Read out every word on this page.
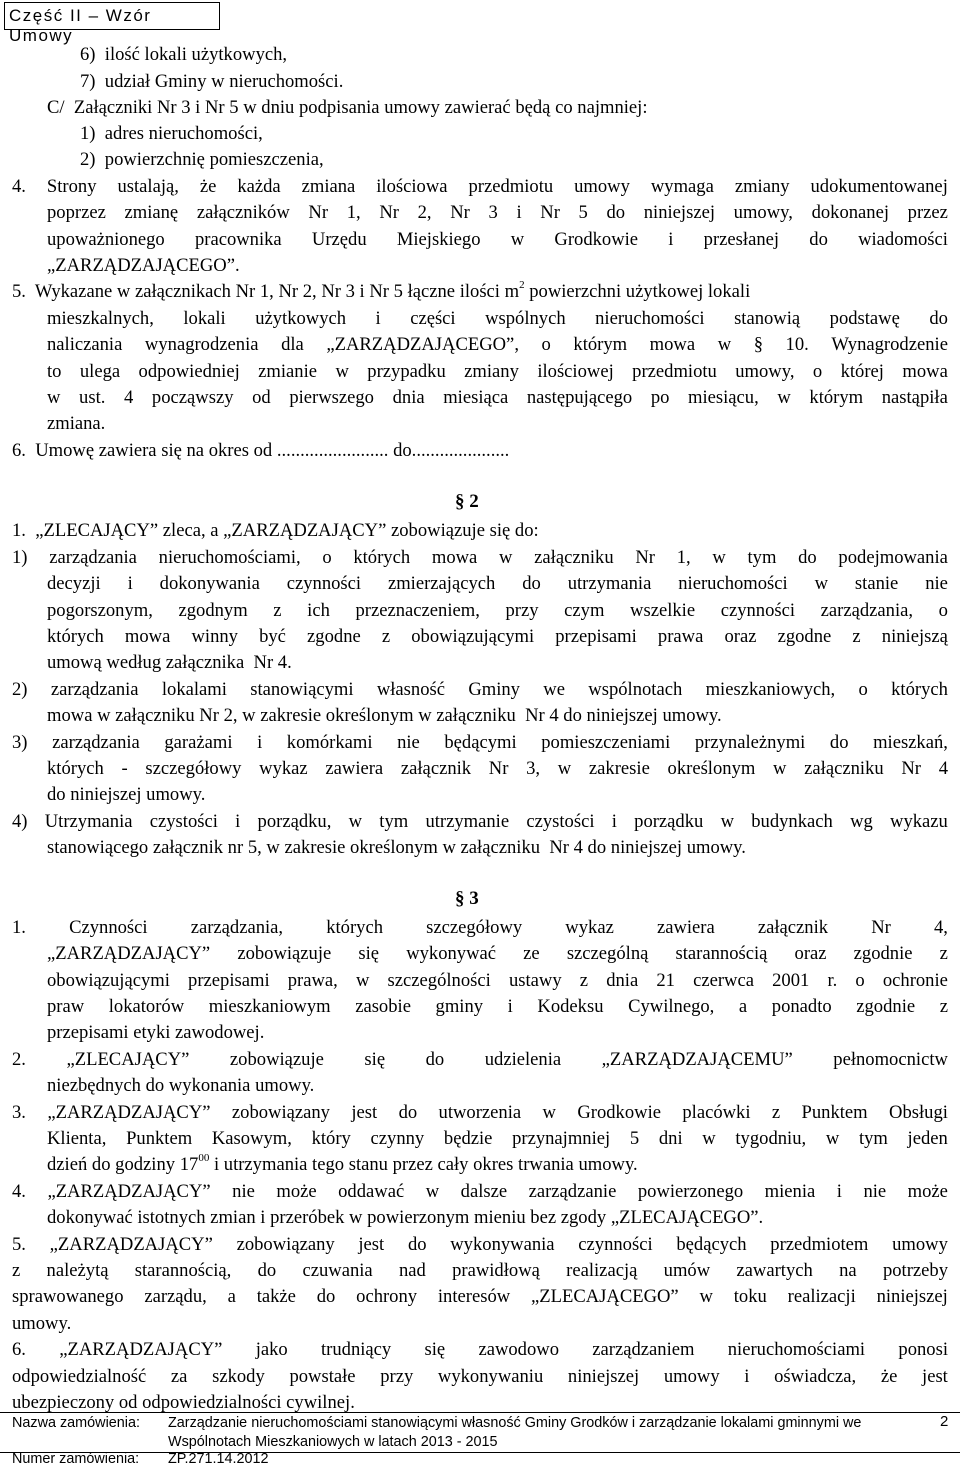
Część II – Wzór Umowy
6)  ilość lokali użytkowych,
7)  udział Gminy w nieruchomości.
C/  Załączniki Nr 3 i Nr 5 w dniu podpisania umowy zawierać będą co najmniej:
1)  adres nieruchomości,
2)  powierzchnię pomieszczenia,
4. Strony ustalają, że każda zmiana ilościowa przedmiotu umowy wymaga zmiany udokumentowanej
poprzez zmianę załączników Nr 1, Nr 2, Nr 3 i Nr 5 do niniejszej umowy, dokonanej przez
upoważnionego pracownika Urzędu Miejskiego w Grodkowie i przesłanej do wiadomości
„ZARZĄDZAJĄCEGO”.
5.  Wykazane w załącznikach Nr 1, Nr 2, Nr 3 i Nr 5 łączne ilości $m^2$ powierzchni użytkowej lokali
mieszkalnych, lokali użytkowych i części wspólnych nieruchomości stanowią podstawę do
naliczania wynagrodzenia dla „ZARZĄDZAJĄCEGO”, o którym mowa w § 10. Wynagrodzenie
to ulega odpowiedniej zmianie w przypadku zmiany ilościowej przedmiotu umowy, o której mowa
w ust. 4 począwszy od pierwszego dnia miesiąca następującego po miesiącu, w którym nastąpiła
zmiana.
6.  Umowę zawiera się na okres od ........................ do.....................
§ 2
1.  „ZLECAJĄCY” zleca, a „ZARZĄDZAJĄCY” zobowiązuje się do:
1) zarządzania nieruchomościami, o których mowa w załączniku Nr 1, w tym do podejmowania
decyzji i dokonywania czynności zmierzających do utrzymania nieruchomości w stanie nie
pogorszonym, zgodnym z ich przeznaczeniem, przy czym wszelkie czynności zarządzania, o
których mowa winny być zgodne z obowiązującymi przepisami prawa oraz zgodne z niniejszą
umową według załącznika  Nr 4.
2) zarządzania lokalami stanowiącymi własność Gminy we wspólnotach mieszkaniowych, o których
mowa w załączniku Nr 2, w zakresie określonym w załączniku  Nr 4 do niniejszej umowy.
3) zarządzania garażami i komórkami nie będącymi pomieszczeniami przynależnymi do mieszkań,
których - szczegółowy wykaz zawiera załącznik Nr 3, w zakresie określonym w załączniku Nr 4
do niniejszej umowy.
4) Utrzymania czystości i porządku, w tym utrzymanie czystości i porządku w budynkach wg wykazu
stanowiącego załącznik nr 5, w zakresie określonym w załączniku  Nr 4 do niniejszej umowy.
§ 3
1. Czynności zarządzania, których szczegółowy wykaz zawiera załącznik Nr 4,
„ZARZĄDZAJĄCY” zobowiązuje się wykonywać ze szczególną starannością oraz zgodnie z
obowiązującymi przepisami prawa, w szczególności ustawy z dnia 21 czerwca 2001 r. o ochronie
praw lokatorów mieszkaniowym zasobie gminy i Kodeksu Cywilnego, a ponadto zgodnie z
przepisami etyki zawodowej.
2. „ZLECAJĄCY” zobowiązuje się do udzielenia „ZARZĄDZAJĄCEMU” pełnomocnictw
niezbędnych do wykonania umowy.
3. „ZARZĄDZAJĄCY” zobowiązany jest do utworzenia w Grodkowie placówki z Punktem Obsługi
Klienta, Punktem Kasowym, który czynny będzie przynajmniej 5 dni w tygodniu, w tym jeden
dzień do godziny $17^{00}$ i utrzymania tego stanu przez cały okres trwania umowy.
4. „ZARZĄDZAJĄCY” nie może oddawać w dalsze zarządzanie powierzonego mienia i nie może
dokonywać istotnych zmian i przeróbek w powierzonym mieniu bez zgody „ZLECAJĄCEGO”.
5. „ZARZĄDZAJĄCY” zobowiązany jest do wykonywania czynności będących przedmiotem umowy
z należytą starannością, do czuwania nad prawidłową realizacją umów zawartych na potrzeby
sprawowanego zarządu, a także do ochrony interesów „ZLECAJĄCEGO” w toku realizacji niniejszej
umowy.
6. „ZARZĄDZAJĄCY” jako trudniący się zawodowo zarządzaniem nieruchomościami ponosi
odpowiedzialność za szkody powstałe przy wykonywaniu niniejszej umowy i oświadcza, że jest
ubezpieczony od odpowiedzialności cywilnej.
Nazwa zamówienia: Zarządzanie nieruchomościami stanowiącymi własność Gminy Grodków i zarządzanie lokalami gminnymi we
Wspólnotach Mieszkaniowych w latach 2013 - 2015
Numer zamówienia: ZP.271.14.2012
2
